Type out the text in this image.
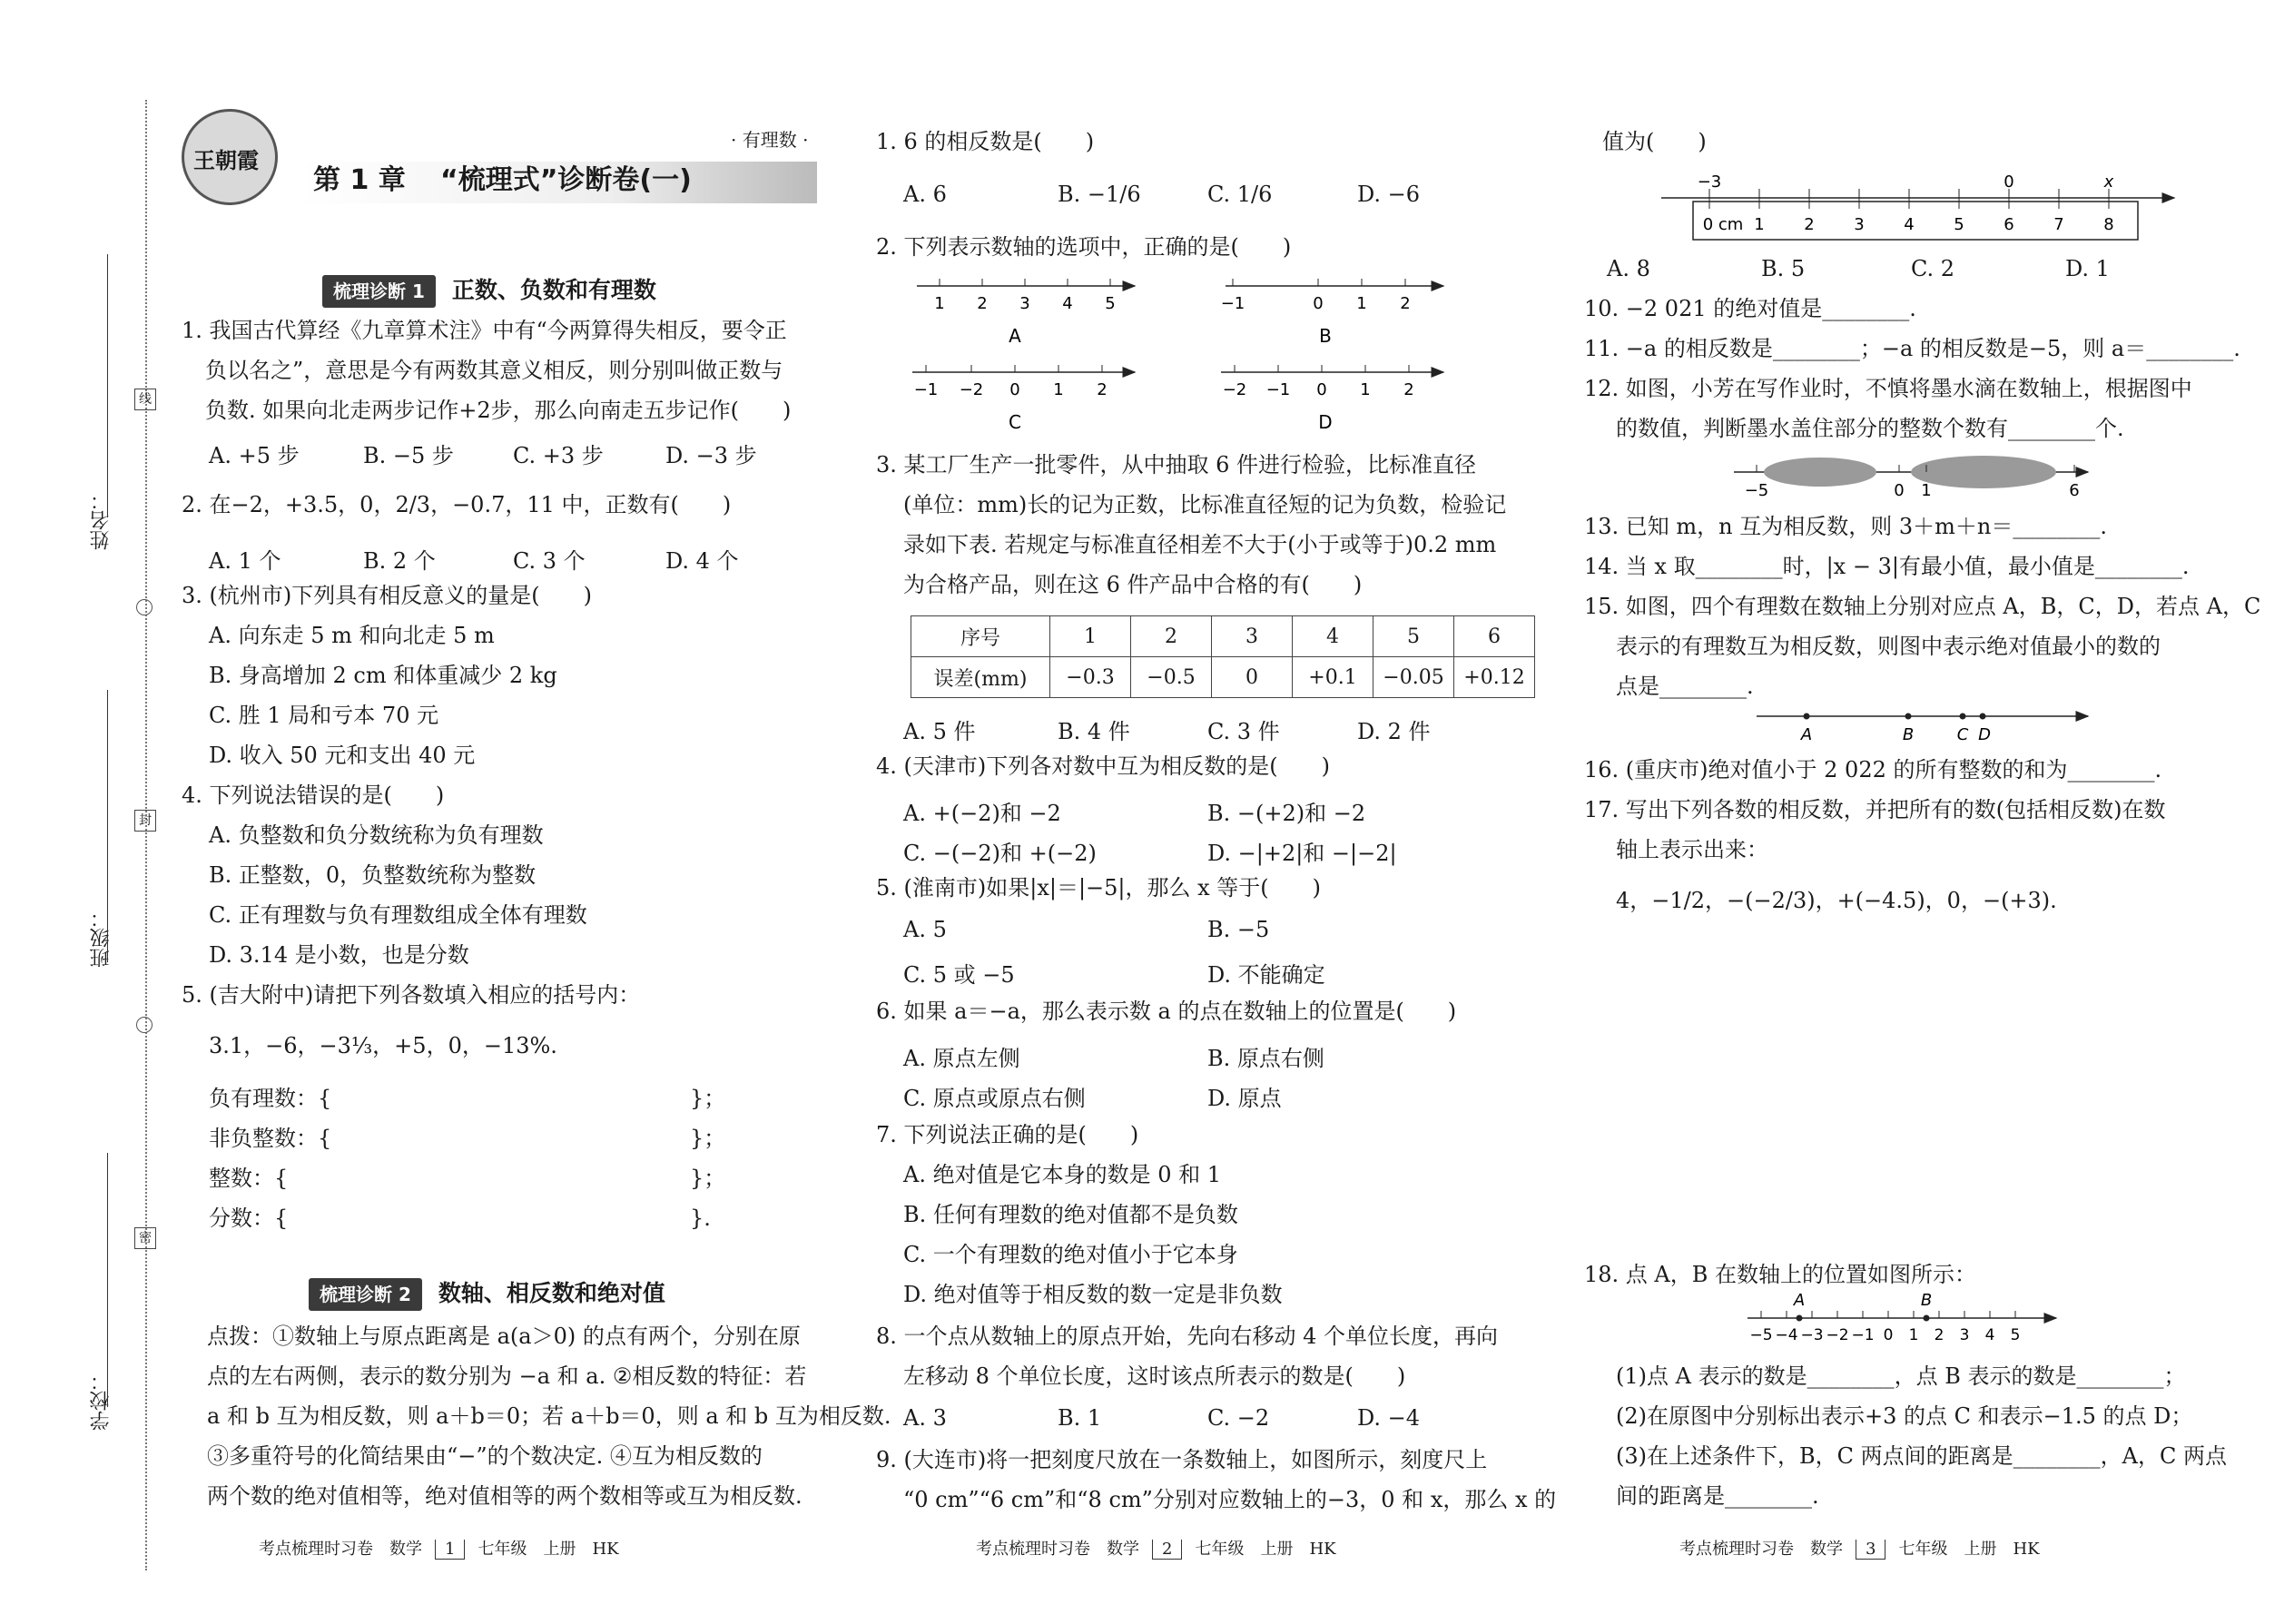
姓名：
班级：
学校：
线
封
密
王朝霞
· 有理数 ·
第 1 章 “梳理式”诊断卷(一)
梳理诊断 1 正数、负数和有理数
1. 我国古代算经《九章算术注》中有“今两算得失相反，要令正
负以名之”，意思是今有两数其意义相反，则分别叫做正数与
负数. 如果向北走两步记作+2步，那么向南走五步记作(　　)
A. +5 步	B. −5 步	C. +3 步	D. −3 步
2. 在−2，+3.5，0，2/3，−0.7，11 中，正数有(　　)
A. 1 个	B. 2 个	C. 3 个	D. 4 个
3. (杭州市)下列具有相反意义的量是(　　)
A. 向东走 5 m 和向北走 5 m
B. 身高增加 2 cm 和体重减少 2 kg
C. 胜 1 局和亏本 70 元
D. 收入 50 元和支出 40 元
4. 下列说法错误的是(　　)
A. 负整数和负分数统称为负有理数
B. 正整数，0，负整数统称为整数
C. 正有理数与负有理数组成全体有理数
D. 3.14 是小数，也是分数
5. (吉大附中)请把下列各数填入相应的括号内：
3.1，−6，−3⅓，+5，0，−13%.
负有理数：{	}；
非负整数：{	}；
整数：{	}；
分数：{	}.
梳理诊断 2 数轴、相反数和绝对值
点拨：①数轴上与原点距离是 a(a＞0) 的点有两个，分别在原
点的左右两侧，表示的数分别为 −a 和 a. ②相反数的特征：若
a 和 b 互为相反数，则 a＋b＝0；若 a＋b＝0，则 a 和 b 互为相反数.
③多重符号的化简结果由“−”的个数决定. ④互为相反数的
两个数的绝对值相等，绝对值相等的两个数相等或互为相反数.
考点梳理时习卷　数学 1 七年级　上册　HK
1. 6 的相反数是(　　)
A. 6	B. −1/6	C. 1/6	D. −6
2. 下列表示数轴的选项中，正确的是(　　)
1 2 3 4 5
A
−1	0 1 2
B
−1 −2 0 1 2
C
−2 −1 0 1 2
D
3. 某工厂生产一批零件，从中抽取 6 件进行检验，比标准直径
(单位：mm)长的记为正数，比标准直径短的记为负数，检验记
录如下表. 若规定与标准直径相差不大于(小于或等于)0.2 mm
为合格产品，则在这 6 件产品中合格的有(　　)
序号	1	2	3	4	5	6
误差(mm)	−0.3	−0.5	0	+0.1	−0.05	+0.12
A. 5 件	B. 4 件	C. 3 件	D. 2 件
4. (天津市)下列各对数中互为相反数的是(　　)
A. +(−2)和 −2	B. −(+2)和 −2
C. −(−2)和 +(−2)	D. −|+2|和 −|−2|
5. (淮南市)如果|x|＝|−5|，那么 x 等于(　　)
A. 5	B. −5
C. 5 或 −5	D. 不能确定
6. 如果 a＝−a，那么表示数 a 的点在数轴上的位置是(　　)
A. 原点左侧	B. 原点右侧
C. 原点或原点右侧	D. 原点
7. 下列说法正确的是(　　)
A. 绝对值是它本身的数是 0 和 1
B. 任何有理数的绝对值都不是负数
C. 一个有理数的绝对值小于它本身
D. 绝对值等于相反数的数一定是非负数
8. 一个点从数轴上的原点开始，先向右移动 4 个单位长度，再向
左移动 8 个单位长度，这时该点所表示的数是(　　)
A. 3	B. 1	C. −2	D. −4
9. (大连市)将一把刻度尺放在一条数轴上，如图所示，刻度尺上
“0 cm”“6 cm”和“8 cm”分别对应数轴上的−3，0 和 x，那么 x 的
考点梳理时习卷　数学 2 七年级　上册　HK
值为(　　)
−3	0	x
0 cm 1 2 3 4 5 6 7 8
A. 8	B. 5	C. 2	D. 1
10. −2 021 的绝对值是________.
11. −a 的相反数是________；−a 的相反数是−5，则 a＝________.
12. 如图，小芳在写作业时，不慎将墨水滴在数轴上，根据图中
的数值，判断墨水盖住部分的整数个数有________个.
−5	0 1	6
13. 已知 m，n 互为相反数，则 3＋m＋n＝________.
14. 当 x 取________时，|x − 3|有最小值，最小值是________.
15. 如图，四个有理数在数轴上分别对应点 A，B，C，D，若点 A，C
表示的有理数互为相反数，则图中表示绝对值最小的数的
点是________.
A	B	C D
16. (重庆市)绝对值小于 2 022 的所有整数的和为________.
17. 写出下列各数的相反数，并把所有的数(包括相反数)在数
轴上表示出来：
4，−1/2，−(−2/3)，+(−4.5)，0，−(+3).
18. 点 A，B 在数轴上的位置如图所示：
−5 −4 −3 −2 −1 0 1 2 3 4 5
A	B
(1)点 A 表示的数是________，点 B 表示的数是________；
(2)在原图中分别标出表示+3 的点 C 和表示−1.5 的点 D；
(3)在上述条件下，B，C 两点间的距离是________，A，C 两点
间的距离是________.
考点梳理时习卷　数学 3 七年级　上册　HK
